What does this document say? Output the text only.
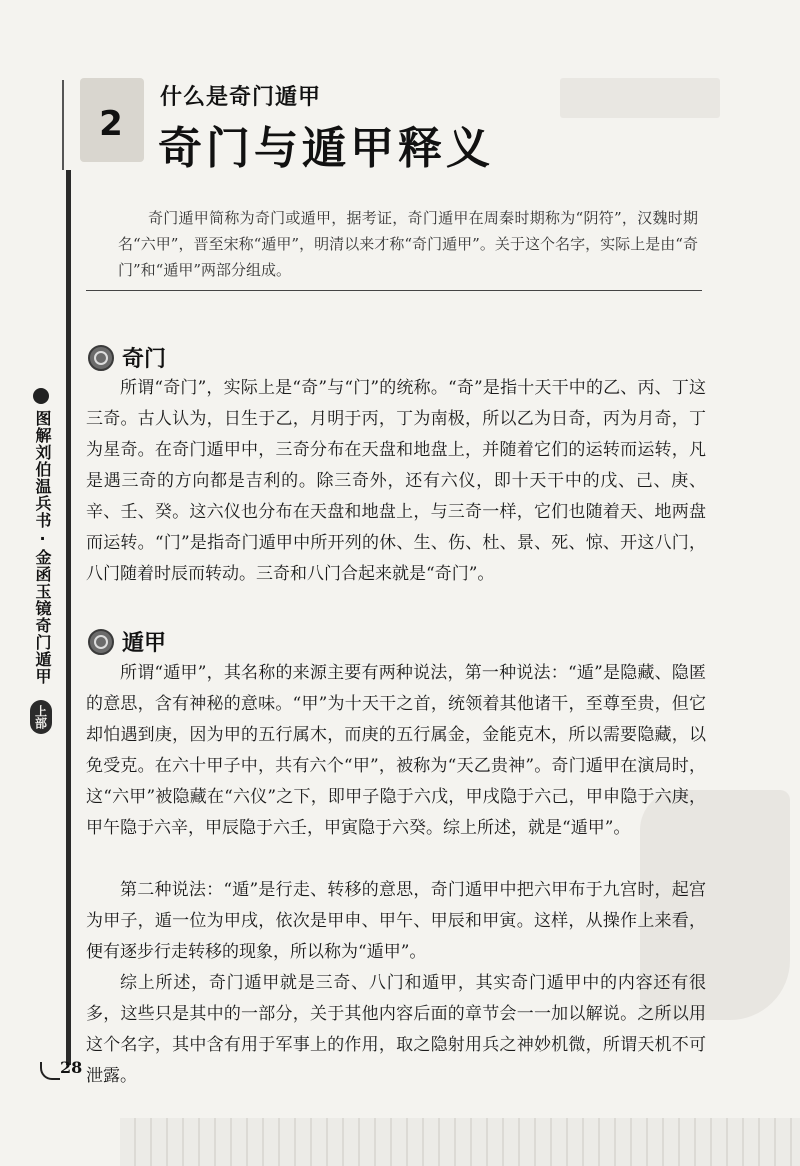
2
什么是奇门遁甲
奇门与遁甲释义
奇门遁甲简称为奇门或遁甲，据考证，奇门遁甲在周秦时期称为“阴符”，汉魏时期名“六甲”，晋至宋称“遁甲”，明清以来才称“奇门遁甲”。关于这个名字，实际上是由“奇门”和“遁甲”两部分组成。
奇门
所谓“奇门”，实际上是“奇”与“门”的统称。“奇”是指十天干中的乙、丙、丁这三奇。古人认为，日生于乙，月明于丙，丁为南极，所以乙为日奇，丙为月奇，丁为星奇。在奇门遁甲中，三奇分布在天盘和地盘上，并随着它们的运转而运转，凡是遇三奇的方向都是吉利的。除三奇外，还有六仪，即十天干中的戊、己、庚、辛、壬、癸。这六仪也分布在天盘和地盘上，与三奇一样，它们也随着天、地两盘而运转。“门”是指奇门遁甲中所开列的休、生、伤、杜、景、死、惊、开这八门，八门随着时辰而转动。三奇和八门合起来就是“奇门”。
遁甲
所谓“遁甲”，其名称的来源主要有两种说法，第一种说法：“遁”是隐藏、隐匿的意思，含有神秘的意味。“甲”为十天干之首，统领着其他诸干，至尊至贵，但它却怕遇到庚，因为甲的五行属木，而庚的五行属金，金能克木，所以需要隐藏，以免受克。在六十甲子中，共有六个“甲”，被称为“天乙贵神”。奇门遁甲在演局时，这“六甲”被隐藏在“六仪”之下，即甲子隐于六戊，甲戌隐于六己，甲申隐于六庚，甲午隐于六辛，甲辰隐于六壬，甲寅隐于六癸。综上所述，就是“遁甲”。
第二种说法：“遁”是行走、转移的意思，奇门遁甲中把六甲布于九宫时，起宫为甲子，遁一位为甲戌，依次是甲申、甲午、甲辰和甲寅。这样，从操作上来看，便有逐步行走转移的现象，所以称为“遁甲”。
综上所述，奇门遁甲就是三奇、八门和遁甲，其实奇门遁甲中的内容还有很多，这些只是其中的一部分，关于其他内容后面的章节会一一加以解说。之所以用这个名字，其中含有用于军事上的作用，取之隐射用兵之神妙机微，所谓天机不可泄露。
图解刘伯温兵书·金函玉镜奇门遁甲
上部
28
